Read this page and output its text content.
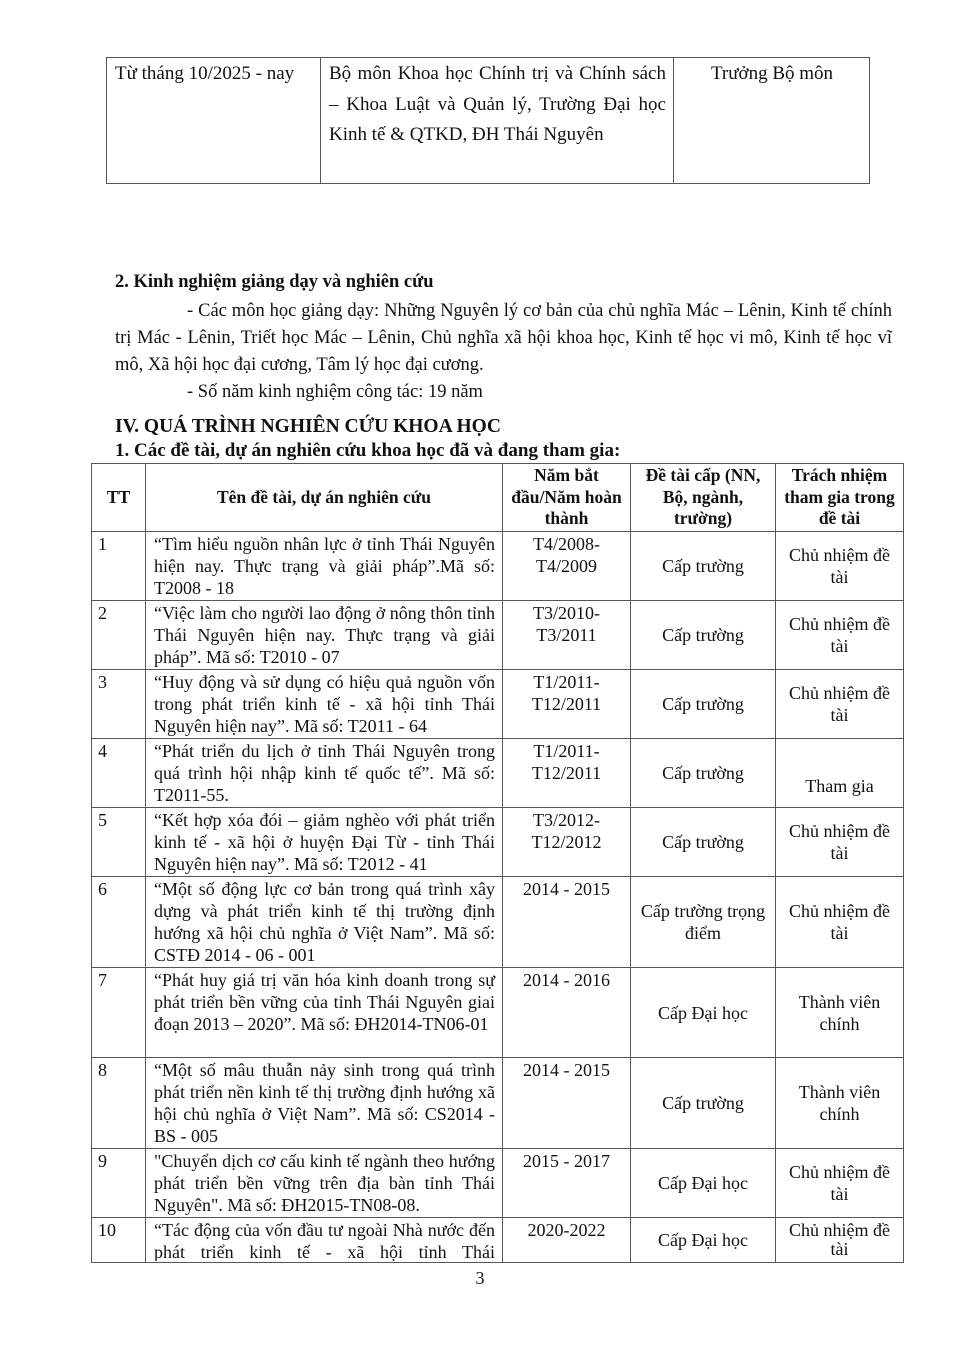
Từ tháng 10/2025 - nay	Bộ môn Khoa học Chính trị và Chính sách – Khoa Luật và Quản lý, Trường Đại học Kinh tế & QTKD, ĐH Thái Nguyên	Trưởng Bộ môn
2. Kinh nghiệm giảng dạy và nghiên cứu
- Các môn học giảng dạy: Những Nguyên lý cơ bản của chủ nghĩa Mác – Lênin, Kinh tế chính trị Mác - Lênin, Triết học Mác – Lênin, Chủ nghĩa xã hội khoa học, Kinh tế học vi mô, Kinh tế học vĩ mô, Xã hội học đại cương, Tâm lý học đại cương.
- Số năm kinh nghiệm công tác: 19 năm
IV. QUÁ TRÌNH NGHIÊN CỨU KHOA HỌC
1. Các đề tài, dự án nghiên cứu khoa học đã và đang tham gia:
TT	Tên đề tài, dự án nghiên cứu	Năm bắt đầu/Năm hoàn thành	Đề tài cấp (NN, Bộ, ngành, trường)	Trách nhiệm tham gia trong đề tài
1	“Tìm hiểu nguồn nhân lực ở tỉnh Thái Nguyên hiện nay. Thực trạng và giải pháp”.Mã số: T2008 - 18	T4/2008- T4/2009	Cấp trường	Chủ nhiệm đề tài
2	“Việc làm cho người lao động ở nông thôn tỉnh Thái Nguyên hiện nay. Thực trạng và giải pháp”. Mã số: T2010 - 07	T3/2010- T3/2011	Cấp trường	Chủ nhiệm đề tài
3	“Huy động và sử dụng có hiệu quả nguồn vốn trong phát triển kinh tế - xã hội tỉnh Thái Nguyên hiện nay”. Mã số: T2011 - 64	T1/2011- T12/2011	Cấp trường	Chủ nhiệm đề tài
4	“Phát triển du lịch ở tỉnh Thái Nguyên trong quá trình hội nhập kinh tế quốc tế”. Mã số: T2011-55.	T1/2011- T12/2011	Cấp trường	Tham gia
5	“Kết hợp xóa đói – giảm nghèo với phát triển kinh tế - xã hội ở huyện Đại Từ - tỉnh Thái Nguyên hiện nay”. Mã số: T2012 - 41	T3/2012- T12/2012	Cấp trường	Chủ nhiệm đề tài
6	“Một số động lực cơ bản trong quá trình xây dựng và phát triển kinh tế thị trường định hướng xã hội chủ nghĩa ở Việt Nam”. Mã số: CSTĐ 2014 - 06 - 001	2014 - 2015	Cấp trường trọng điểm	Chủ nhiệm đề tài
7	“Phát huy giá trị văn hóa kinh doanh trong sự phát triển bền vững của tỉnh Thái Nguyên giai đoạn 2013 – 2020”. Mã số: ĐH2014-TN06-01	2014 - 2016	Cấp Đại học	Thành viên chính
8	“Một số mâu thuẫn nảy sinh trong quá trình phát triển nền kinh tế thị trường định hướng xã hội chủ nghĩa ở Việt Nam”. Mã số: CS2014 - BS - 005	2014 - 2015	Cấp trường	Thành viên chính
9	"Chuyển dịch cơ cấu kinh tế ngành theo hướng phát triển bền vững trên địa bàn tỉnh Thái Nguyên". Mã số: ĐH2015-TN08-08.	2015 - 2017	Cấp Đại học	Chủ nhiệm đề tài
10	“Tác động của vốn đầu tư ngoài Nhà nước đến phát triển kinh tế - xã hội tỉnh Thái	2020-2022	Cấp Đại học	Chủ nhiệm đề tài
3
